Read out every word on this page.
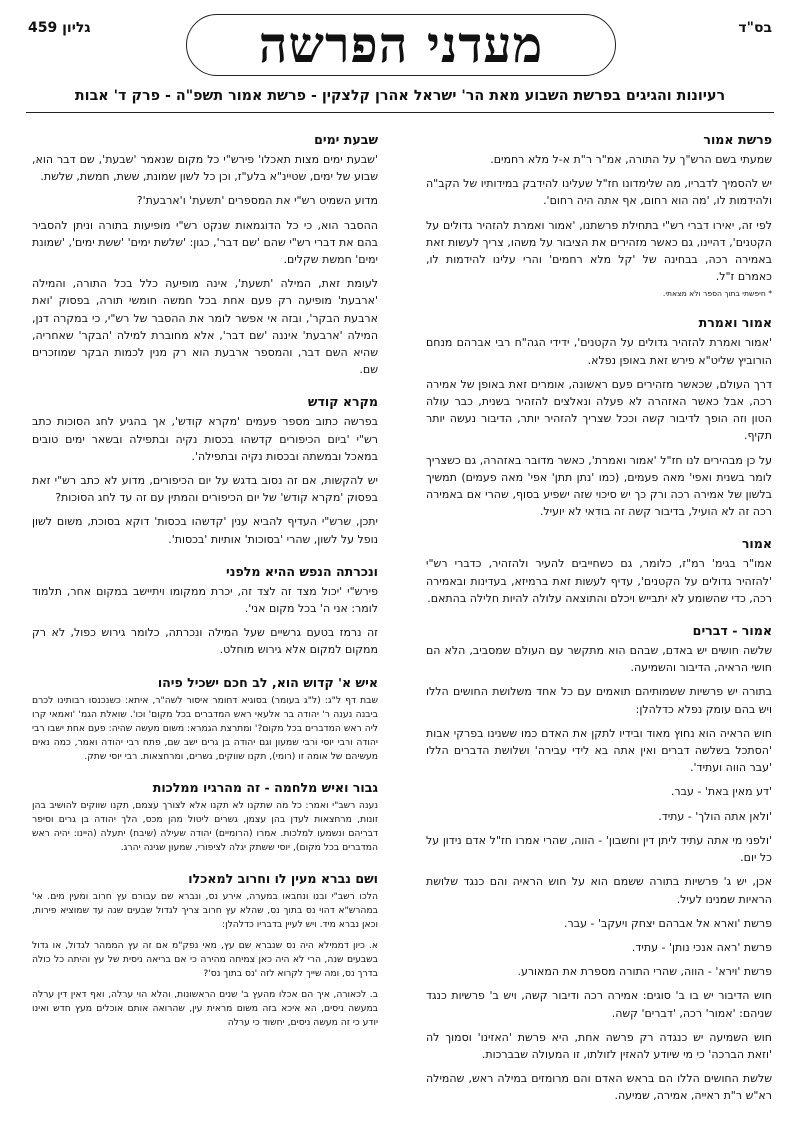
בס"ד
מעדני הפרשה
גליון 459
רעיונות והגיגים בפרשת השבוע מאת הר' ישראל אהרן קלצקין - פרשת אמור תשפ"ה - פרק ד' אבות
פרשת אמור

שמעתי בשם הרש"ך על התורה, אמ"ר ר"ת א-ל מלא רחמים.

יש להסמיך לדבריו, מה שלימדונו חז"ל שעלינו להידבק במידותיו של הקב"ה ולהידמות לו, 'מה הוא רחום, אף אתה היה רחום'.

לפי זה, יאירו דברי רש"י בתחילת פרשתנו, 'אמור ואמרת להזהיר גדולים על הקטנים', דהיינו, גם כאשר מזהירים את הציבור על משהו, צריך לעשות זאת באמירה רכה, בבחינה של 'קל מלא רחמים' והרי עלינו להידמות לו, כאמרם ז"ל.

* חיפשתי בתוך הספר ולא מצאתי.

אמור ואמרת

'אמור ואמרת להזהיר גדולים על הקטנים', ידידי הגה"ח רבי אברהם מנחם הורוביץ שליט"א פירש זאת באופן נפלא.

דרך העולם, שכאשר מזהירים פעם ראשונה, אומרים זאת באופן של אמירה רכה, אבל כאשר האזהרה לא פעלה ונאלצים להזהיר בשנית, כבר עולה הטון וזה הופך לדיבור קשה וככל שצריך להזהיר יותר, הדיבור נעשה יותר תקיף.

על כן מבהירים לנו חז"ל 'אמור ואמרת', כאשר מדובר באזהרה, גם כשצריך לומר בשנית ואפי' מאה פעמים, (כמו 'נתן תתן' אפי' מאה פעמים) תמשיך בלשון של אמירה רכה ורק כך יש סיכוי שזה ישפיע בסוף, שהרי אם באמירה רכה זה לא הועיל, בדיבור קשה זה בודאי לא יועיל.

אמור

אמו"ר בגימ' רמ"ז, כלומר, גם כשחייבים להעיר ולהזהיר, כדברי רש"י 'להזהיר גדולים על הקטנים', עדיף לעשות זאת ברמיזא, בעדינות ובאמירה רכה, כדי שהשומע לא יתבייש ויכלם והתוצאה עלולה להיות חלילה בהתאם.

אמור - דברים

שלשה חושים יש באדם, שבהם הוא מתקשר עם העולם שמסביב, הלא הם חושי הראיה, הדיבור והשמיעה.

בתורה יש פרשיות ששמותיהם תואמים עם כל אחד משלושת החושים הללו ויש בהם עומק נפלא כדלהלן:

חוש הראיה הוא נחוץ מאוד ובידיו לתקן את האדם כמו ששנינו בפרקי אבות 'הסתכל בשלשה דברים ואין אתה בא לידי עבירה' ושלושת הדברים הללו 'עבר הווה ועתיד'.

'דע מאין באת' - עבר.

'ולאן אתה הולך' - עתיד.

'ולפני מי אתה עתיד ליתן דין וחשבון' - הווה, שהרי אמרו חז"ל אדם נידון על כל יום.

אכן, יש ג' פרשיות בתורה ששמם הוא על חוש הראיה והם כנגד שלושת הראיות שמנינו לעיל.

פרשת 'וארא אל אברהם יצחק ויעקב' - עבר.

פרשת 'ראה אנכי נותן' - עתיד.

פרשת 'וירא' - הווה, שהרי התורה מספרת את המאורע.

חוש הדיבור יש בו ב' סוגים: אמירה רכה ודיבור קשה, ויש ב' פרשיות כנגד שניהם: 'אמור' רכה, 'דברים' קשה.

חוש השמיעה יש כנגדה רק פרשה אחת, היא פרשת 'האזינו' וסמוך לה 'וזאת הברכה' כי מי שיודע להאזין לזולתו, זו המעולה שבברכות.

שלשת החושים הללו הם בראש האדם והם מרומזים במילה ראש, שהמילה רא"ש ר"ת ראייה, אמירה, שמיעה.

שבעת ימים

'שבעת ימים מצות תאכלו' פירש"י כל מקום שנאמר 'שבעת', שם דבר הוא, שבוע של ימים, שטיינ"א בלע"ז, וכן כל לשון שמונת, ששת, חמשת, שלשת.

מדוע השמיט רש"י את המספרים 'תשעת' ו'ארבעת'?

ההסבר הוא, כי כל הדוגמאות שנקט רש"י מופיעות בתורה וניתן להסביר בהם את דברי רש"י שהם 'שם דבר', כגון: 'שלשת ימים' 'ששת ימים', 'שמונת ימים' חמשת שקלים.

לעומת זאת, המילה 'תשעת', אינה מופיעה כלל בכל התורה, והמילה 'ארבעת' מופיעה רק פעם אחת בכל חמשה חומשי תורה, בפסוק 'ואת ארבעת הבקר', ובזה אי אפשר לומר את ההסבר של רש"י, כי במקרה דנן, המילה 'ארבעת' איננה 'שם דבר', אלא מחוברת למילה 'הבקר' שאחריה, שהיא השם דבר, והמספר ארבעת הוא רק מנין לכמות הבקר שמוזכרים שם.

מקרא קודש

בפרשה כתוב מספר פעמים 'מקרא קודש', אך בהגיע לחג הסוכות כתב רש"י 'ביום הכיפורים קדשהו בכסות נקיה ובתפילה ובשאר ימים טובים במאכל ובמשתה ובכסות נקיה ובתפילה'.

יש להקשות, אם זה נסוב בדגש על יום הכיפורים, מדוע לא כתב רש"י זאת בפסוק 'מקרא קודש' של יום הכיפורים והמתין עם זה עד לחג הסוכות?

יתכן, שרש"י העדיף להביא ענין 'קדשהו בכסות' דוקא בסוכת, משום לשון נופל על לשון, שהרי 'בסוכות' אותיות 'בכסות'.

ונכרתה הנפש ההיא מלפני

פירש"י 'יכול מצד זה לצד זה, יכרת ממקומו ויתיישב במקום אחר, תלמוד לומר: אני ה' בכל מקום אני'.

זה נרמז בטעם גרשיים שעל המילה ונכרתה, כלומר גירוש כפול, לא רק ממקום למקום אלא גירוש מוחלט.

איש א' קדוש הוא, לב חכם ישכיל פיהו

שבת דף ל"ג: (ל"ג בעומר) בסוגיא דחומר איסור לשה"ר, איתא: כשנכנסו רבותינו לכרם ביבנה נענה ר' יהודה בר אלעאי ראש המדברים בכל מקום' וכו'. שואלת הגמ' 'ואמאי קרו ליה ראש המדברים בכל מקום?' ומתרצת הגמרא: משום מעשה שהיה: פעם אחת ישבו רבי יהודה ורבי יוסי ורבי שמעון וגם יהודה בן גרים ישב שם, פתח רבי יהודה ואמר, כמה נאים מעשיהם של אומה זו (רומי), תקנו שווקים, גשרים, ומרחצאות. רבי יוסי שתק.

גבור ואיש מלחמה - זה מהרגיו ממלכות

נענה רשב"י ואמר: כל מה שתקנו לא תקנו אלא לצורך עצמם, תקנו שווקים להושיב בהן זונות, מרחצאות לעדן בהן עצמן, גשרים ליטול מהן מכס, הלך יהודה בן גרים וסיפר דבריהם ונשמעו למלכות. אמרו (הרומיים) יהודה שעילה (שיבח) יתעלה (היינו: יהיה ראש המדברים בכל מקום), יוסי ששתק יגלה לציפורי, שמעון שגינה יהרג.

ושם נברא מעין לו וחרוב למאכלו

הלכו רשב"י ובנו ונחבאו במערה, אירע נס, ונברא שם עבורם עץ חרוב ומעין מים. אי' במהרש"א דהוי נס בתוך נס, שהלא עץ חרוב צריך לגדול שבעים שנה עד שמוציא פירות, וכאן נברא מיד. ויש לעיין בדבריו כדלהלן:

א. כיון דממילא היה נס שנברא שם עץ, מאי נפק"מ אם זה עץ הממהר לגדול, או גדול בשבעים שנה, הרי לא היה כאן צמיחה מהירה כי אם בריאה ניסית של עץ והיתה כל כולה בדרך נס, ומה שייך לקרוא לזה 'נס בתוך נס'?

ב. לכאורה, איך הם אכלו מהעץ ב' שנים הראשונות, והלא הוי ערלה, ואף דאין דין ערלה במעשה ניסים, הא איכא בזה משום מראית עין, שהרואה אותם אוכלים מעץ חדש ואינו יודע כי זה מעשה ניסים, יחשוד כי ערלה
